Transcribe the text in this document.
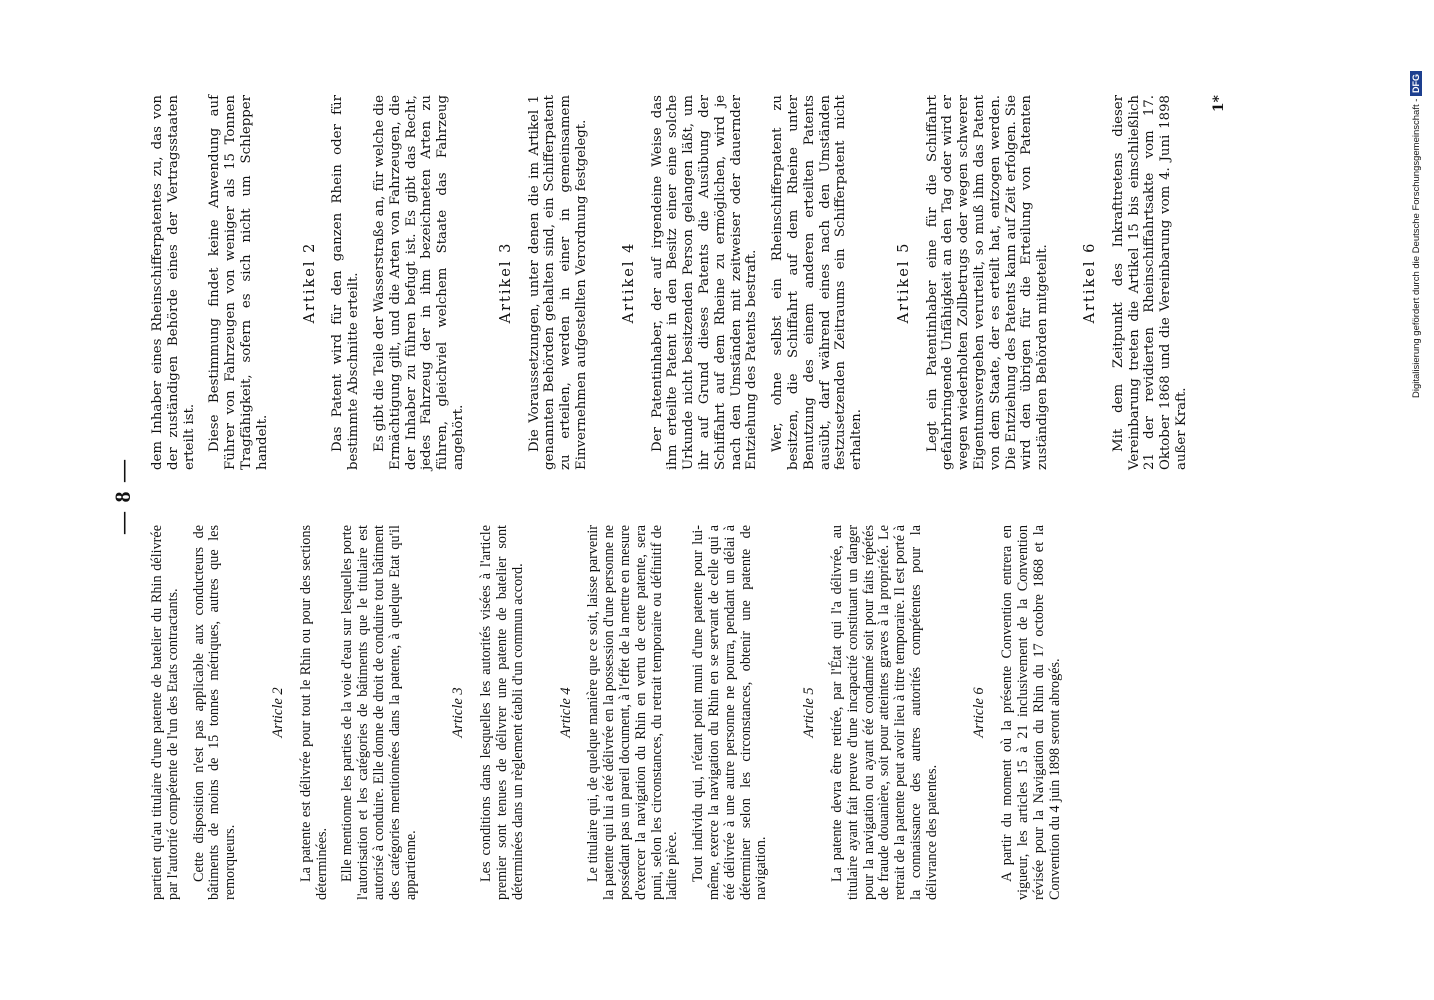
— 8 —

partient qu'au titulaire d'une patente de batelier du Rhin délivrée par l'autorité compétente de l'un des Etats contractants. Cette disposition n'est pas applicable aux conducteurs de bâtiments de moins de 15 tonnes métriques, autres que les remorqueurs.

Article 2 La patente est délivrée pour tout le Rhin ou pour des sections déterminées. Elle mentionne les parties de la voie d'eau sur lesquelles porte l'autorisation et les catégories de bâtiments que le titulaire est autorisé à conduire. Elle donne de droit de conduire tout bâtiment des catégories mentionnées dans la patente, à quelque Etat qu'il appartienne.

Article 3 Les conditions dans lesquelles les autorités visées à l'article premier sont tenues de délivrer une patente de batelier sont déterminées dans un règlement établi d'un commun accord. Article 4 Le titulaire qui, de quelque manière que ce soit, laisse parvenir la patente qui lui a été délivrée en la possession d'une personne ne possédant pas un pareil document, à l'effet de la mettre en mesure d'exercer la navigation du Rhin en vertu de cette patente, sera puni, selon les circonstances, du retrait temporaire ou définitif de ladite pièce. Tout individu qui, n'étant point muni d'une patente pour lui-même, exerce la navigation du Rhin en se servant de celle qui a été délivrée à une autre personne ne pourra, pendant un délai à déterminer selon les circonstances, obtenir une patente de navigation.

Article 5 La patente devra être retirée, par l'État qui l'a délivrée, au titulaire ayant fait preuve d'une incapacité constituant un danger pour la navigation ou ayant été condamné soit pour faits répétés de fraude douanière, soit pour atteintes graves à la propriété. Le retrait de la patente peut avoir lieu à titre temporaire. Il est porté à la connaissance des autres autorités compétentes pour la délivrance des patentes.

Article 6 A partir du moment où la présente Convention entrera en vigueur, les articles 15 à 21 inclusivement de la Convention révisée pour la Navigation du Rhin du 17 octobre 1868 et la Convention du 4 juin 1898 seront abrogés.

dem Inhaber eines Rheinschifferpatentes zu, das von der zuständigen Behörde eines der Vertragsstaaten erteilt ist. Diese Bestimmung findet keine Anwendung auf Führer von Fahrzeugen von weniger als 15 Tonnen Tragfähigkeit, sofern es sich nicht um Schlepper handelt.

Artikel 2 Das Patent wird für den ganzen Rhein oder für bestimmte Abschnitte erteilt. Es gibt die Teile der Wasserstraße an, für welche die Ermächtigung gilt, und die Arten von Fahrzeugen, die der Inhaber zu führen befugt ist. Es gibt das Recht, jedes Fahrzeug der in ihm bezeichneten Arten zu führen, gleichviel welchem Staate das Fahrzeug angehört.

Artikel 3 Die Voraussetzungen, unter denen die im Artikel 1 genannten Behörden gehalten sind, ein Schifferpatent zu erteilen, werden in einer in gemeinsamem Einvernehmen aufgestellten Verordnung festgelegt. Artikel 4 Der Patentinhaber, der auf irgendeine Weise das ihm erteilte Patent in den Besitz einer eine solche Urkunde nicht besitzenden Person gelangen läßt, um ihr auf Grund dieses Patents die Ausübung der Schiffahrt auf dem Rheine zu ermöglichen, wird je nach den Umständen mit zeitweiser oder dauernder Entziehung des Patents bestraft. Wer, ohne selbst ein Rheinschifferpatent zu besitzen, die Schiffahrt auf dem Rheine unter Benutzung des einem anderen erteilten Patents ausübt, darf während eines nach den Umständen festzusetzenden Zeitraums ein Schifferpatent nicht erhalten.

Artikel 5 Legt ein Patentinhaber eine für die Schiffahrt gefahrbringende Unfähigkeit an den Tag oder wird er wegen wiederholten Zollbetrugs oder wegen schwerer Eigentumsvergehen verurteilt, so muß ihm das Patent von dem Staate, der es erteilt hat, entzogen werden. Die Entziehung des Patents kann auf Zeit erfolgen. Sie wird den übrigen für die Erteilung von Patenten zuständigen Behörden mitgeteilt. Artikel 6 Mit dem Zeitpunkt des Inkrafttretens dieser Vereinbarung treten die Artikel 15 bis einschließlich 21 der revidierten Rheinschiffahrtsakte vom 17. Oktober 1868 und die Vereinbarung vom 4. Juni 1898 außer Kraft.

1*	Digitalisierung gefördert durch die Deutsche Forschungsgemeinschaft - DFG
